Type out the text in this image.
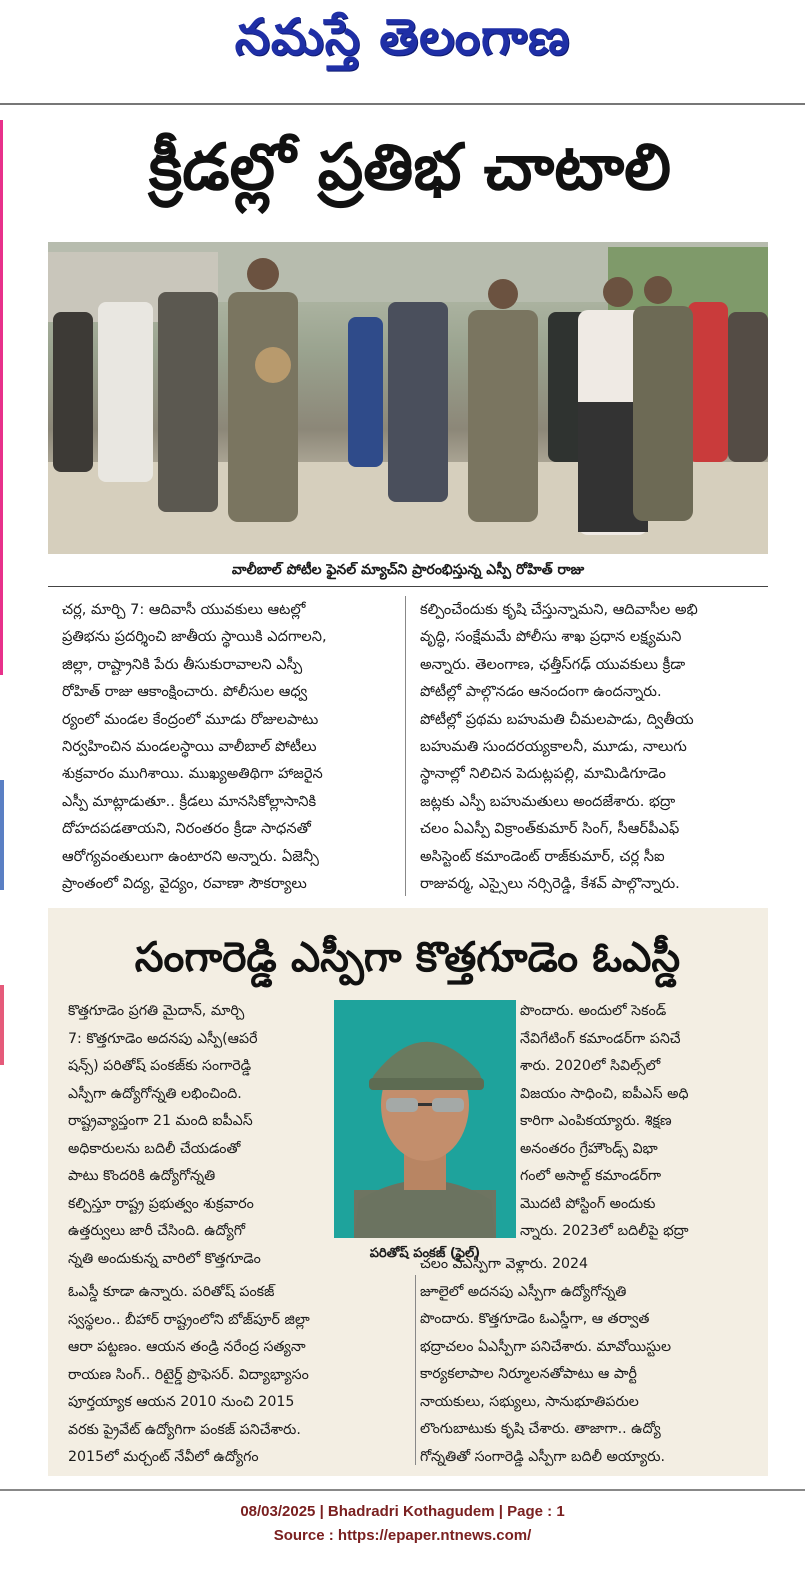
నమస్తే తెలంగాణ
క్రీడల్లో ప్రతిభ చాటాలి
వాలీబాల్ పోటీల ఫైనల్ మ్యాచ్‌ని ప్రారంభిస్తున్న ఎస్పీ రోహిత్ రాజు
చర్ల, మార్చి 7: ఆదివాసీ యువకులు ఆటల్లో
ప్రతిభను ప్రదర్శించి జాతీయ స్థాయికి ఎదగాలని,
జిల్లా, రాష్ట్రానికి పేరు తీసుకురావాలని ఎస్పీ
రోహిత్ రాజు ఆకాంక్షించారు. పోలీసుల ఆధ్వ
ర్యంలో మండల కేంద్రంలో మూడు రోజులపాటు
నిర్వహించిన మండలస్థాయి వాలీబాల్ పోటీలు
శుక్రవారం ముగిశాయి. ముఖ్యఅతిథిగా హాజరైన
ఎస్పీ మాట్లాడుతూ.. క్రీడలు మానసికోల్లాసానికి
దోహదపడతాయని, నిరంతరం క్రీడా సాధనతో
ఆరోగ్యవంతులుగా ఉంటారని అన్నారు. ఏజెన్సీ
ప్రాంతంలో విద్య, వైద్యం, రవాణా సౌకర్యాలు
కల్పించేందుకు కృషి చేస్తున్నామని, ఆదివాసీల అభి
వృద్ధి, సంక్షేమమే పోలీసు శాఖ ప్రధాన లక్ష్యమని
అన్నారు. తెలంగాణ, ఛత్తీస్‌గఢ్ యువకులు క్రీడా
పోటీల్లో పాల్గొనడం ఆనందంగా ఉందన్నారు.
పోటీల్లో ప్రథమ బహుమతి చీమలపాడు, ద్వితీయ
బహుమతి సుందరయ్యకాలనీ, మూడు, నాలుగు
స్థానాల్లో నిలిచిన పెదుట్లపల్లి, మామిడిగూడెం
జట్లకు ఎస్పీ బహుమతులు అందజేశారు. భద్రా
చలం ఏఎస్పీ విక్రాంత్‌కుమార్ సింగ్, సీఆర్‌పీఎఫ్
అసిస్టెంట్ కమాండెంట్ రాజ్‌కుమార్, చర్ల సీఐ
రాజువర్మ, ఎస్సైలు నర్సిరెడ్డి, కేశవ్ పాల్గొన్నారు.
సంగారెడ్డి ఎస్పీగా కొత్తగూడెం ఓఎస్డీ
పరితోష్ పంకజ్ (ఫైల్)
కొత్తగూడెం ప్రగతి మైదాన్, మార్చి
7: కొత్తగూడెం అదనపు ఎస్పీ(ఆపరే
షన్స్) పరితోష్ పంకజ్‌కు సంగారెడ్డి
ఎస్పీగా ఉద్యోగోన్నతి లభించింది.
రాష్ట్రవ్యాప్తంగా 21 మంది ఐపీఎస్
అధికారులను బదిలీ చేయడంతో
పాటు కొందరికి ఉద్యోగోన్నతి
కల్పిస్తూ రాష్ట్ర ప్రభుత్వం శుక్రవారం
ఉత్తర్వులు జారీ చేసింది. ఉద్యోగో
న్నతి అందుకున్న వారిలో కొత్తగూడెం
ఓఎస్డీ కూడా ఉన్నారు. పరితోష్ పంకజ్
స్వస్థలం.. బీహార్ రాష్ట్రంలోని బోజ్‌పూర్ జిల్లా
ఆరా పట్టణం. ఆయన తండ్రి నరేంద్ర సత్యనా
రాయణ సింగ్.. రిటైర్డ్ ప్రొఫెసర్. విద్యాభ్యాసం
పూర్తయ్యాక ఆయన 2010 నుంచి 2015
వరకు ప్రైవేట్ ఉద్యోగిగా పంకజ్ పనిచేశారు.
2015లో మర్చంట్ నేవీలో ఉద్యోగం
పొందారు. అందులో సెకండ్
నేవిగేటింగ్ కమాండర్‌గా పనిచే
శారు. 2020లో సివిల్స్‌లో
విజయం సాధించి, ఐపీఎస్ అధి
కారిగా ఎంపికయ్యారు. శిక్షణ
అనంతరం గ్రేహౌండ్స్ విభా
గంలో అసాల్ట్ కమాండర్‌గా
మొదటి పోస్టింగ్ అందుకు
న్నారు. 2023లో బదిలీపై భద్రా
చలం ఏఎస్పీగా వెళ్లారు. 2024
జూలైలో అదనపు ఎస్పీగా ఉద్యోగోన్నతి
పొందారు. కొత్తగూడెం ఓఎస్డీగా, ఆ తర్వాత
భద్రాచలం ఏఎస్పీగా పనిచేశారు. మావోయిస్టుల
కార్యకలాపాల నిర్మూలనతోపాటు ఆ పార్టీ
నాయకులు, సభ్యులు, సానుభూతిపరుల
లొంగుబాటుకు కృషి చేశారు. తాజాగా.. ఉద్యో
గోన్నతితో సంగారెడ్డి ఎస్పీగా బదిలీ అయ్యారు.
08/03/2025 | Bhadradri Kothagudem | Page : 1
Source : https://epaper.ntnews.com/
